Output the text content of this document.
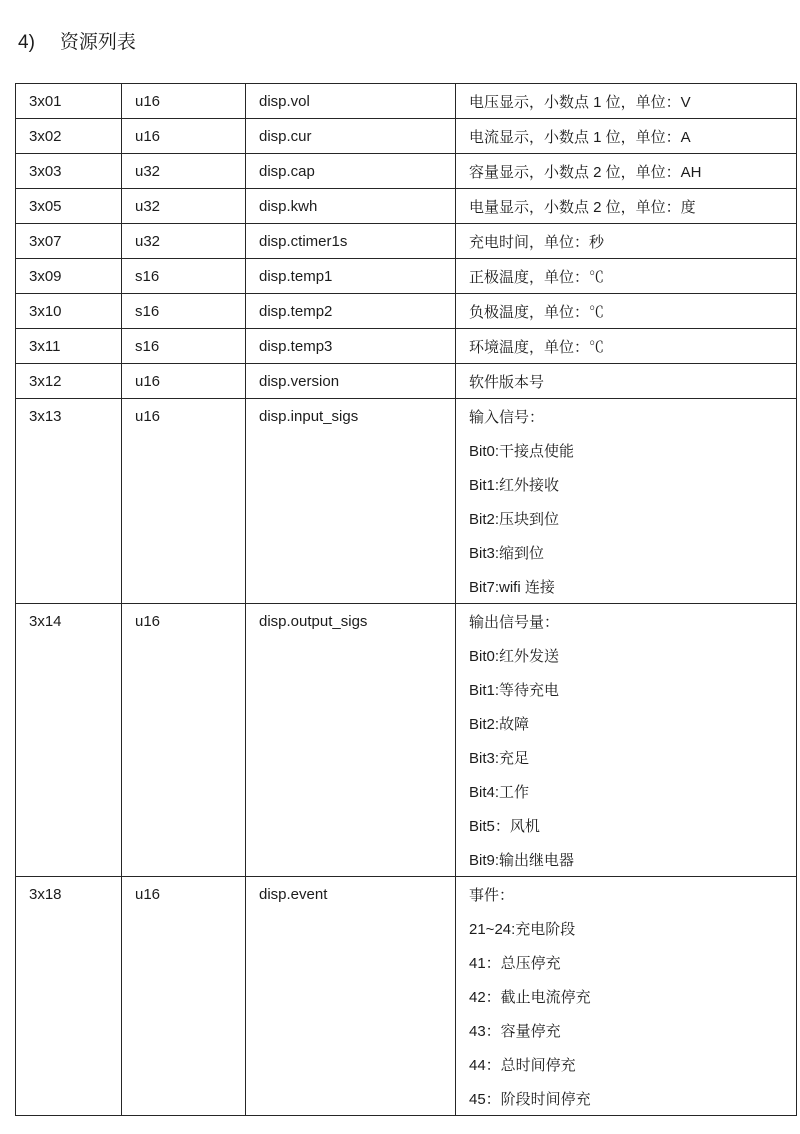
4) 资源列表
3x01	u16	disp.vol	电压显示，小数点 1 位，单位：V

3x02	u16	disp.cur	电流显示，小数点 1 位，单位：A

3x03	u32	disp.cap	容量显示，小数点 2 位，单位：AH

3x05	u32	disp.kwh	电量显示，小数点 2 位，单位：度

3x07	u32	disp.ctimer1s	充电时间，单位：秒

3x09	s16	disp.temp1	正极温度，单位：℃

3x10	s16	disp.temp2	负极温度，单位：℃

3x11	s16	disp.temp3	环境温度，单位：℃

3x12	u16	disp.version	软件版本号

3x13	u16	disp.input_sigs	输入信号：
Bit0:干接点使能
Bit1:红外接收
Bit2:压块到位
Bit3:缩到位
Bit7:wifi 连接

3x14	u16	disp.output_sigs	输出信号量：
Bit0:红外发送
Bit1:等待充电
Bit2:故障
Bit3:充足
Bit4:工作
Bit5：风机
Bit9:输出继电器

3x18	u16	disp.event	事件：
21~24:充电阶段
41：总压停充
42：截止电流停充
43：容量停充
44：总时间停充
45：阶段时间停充
